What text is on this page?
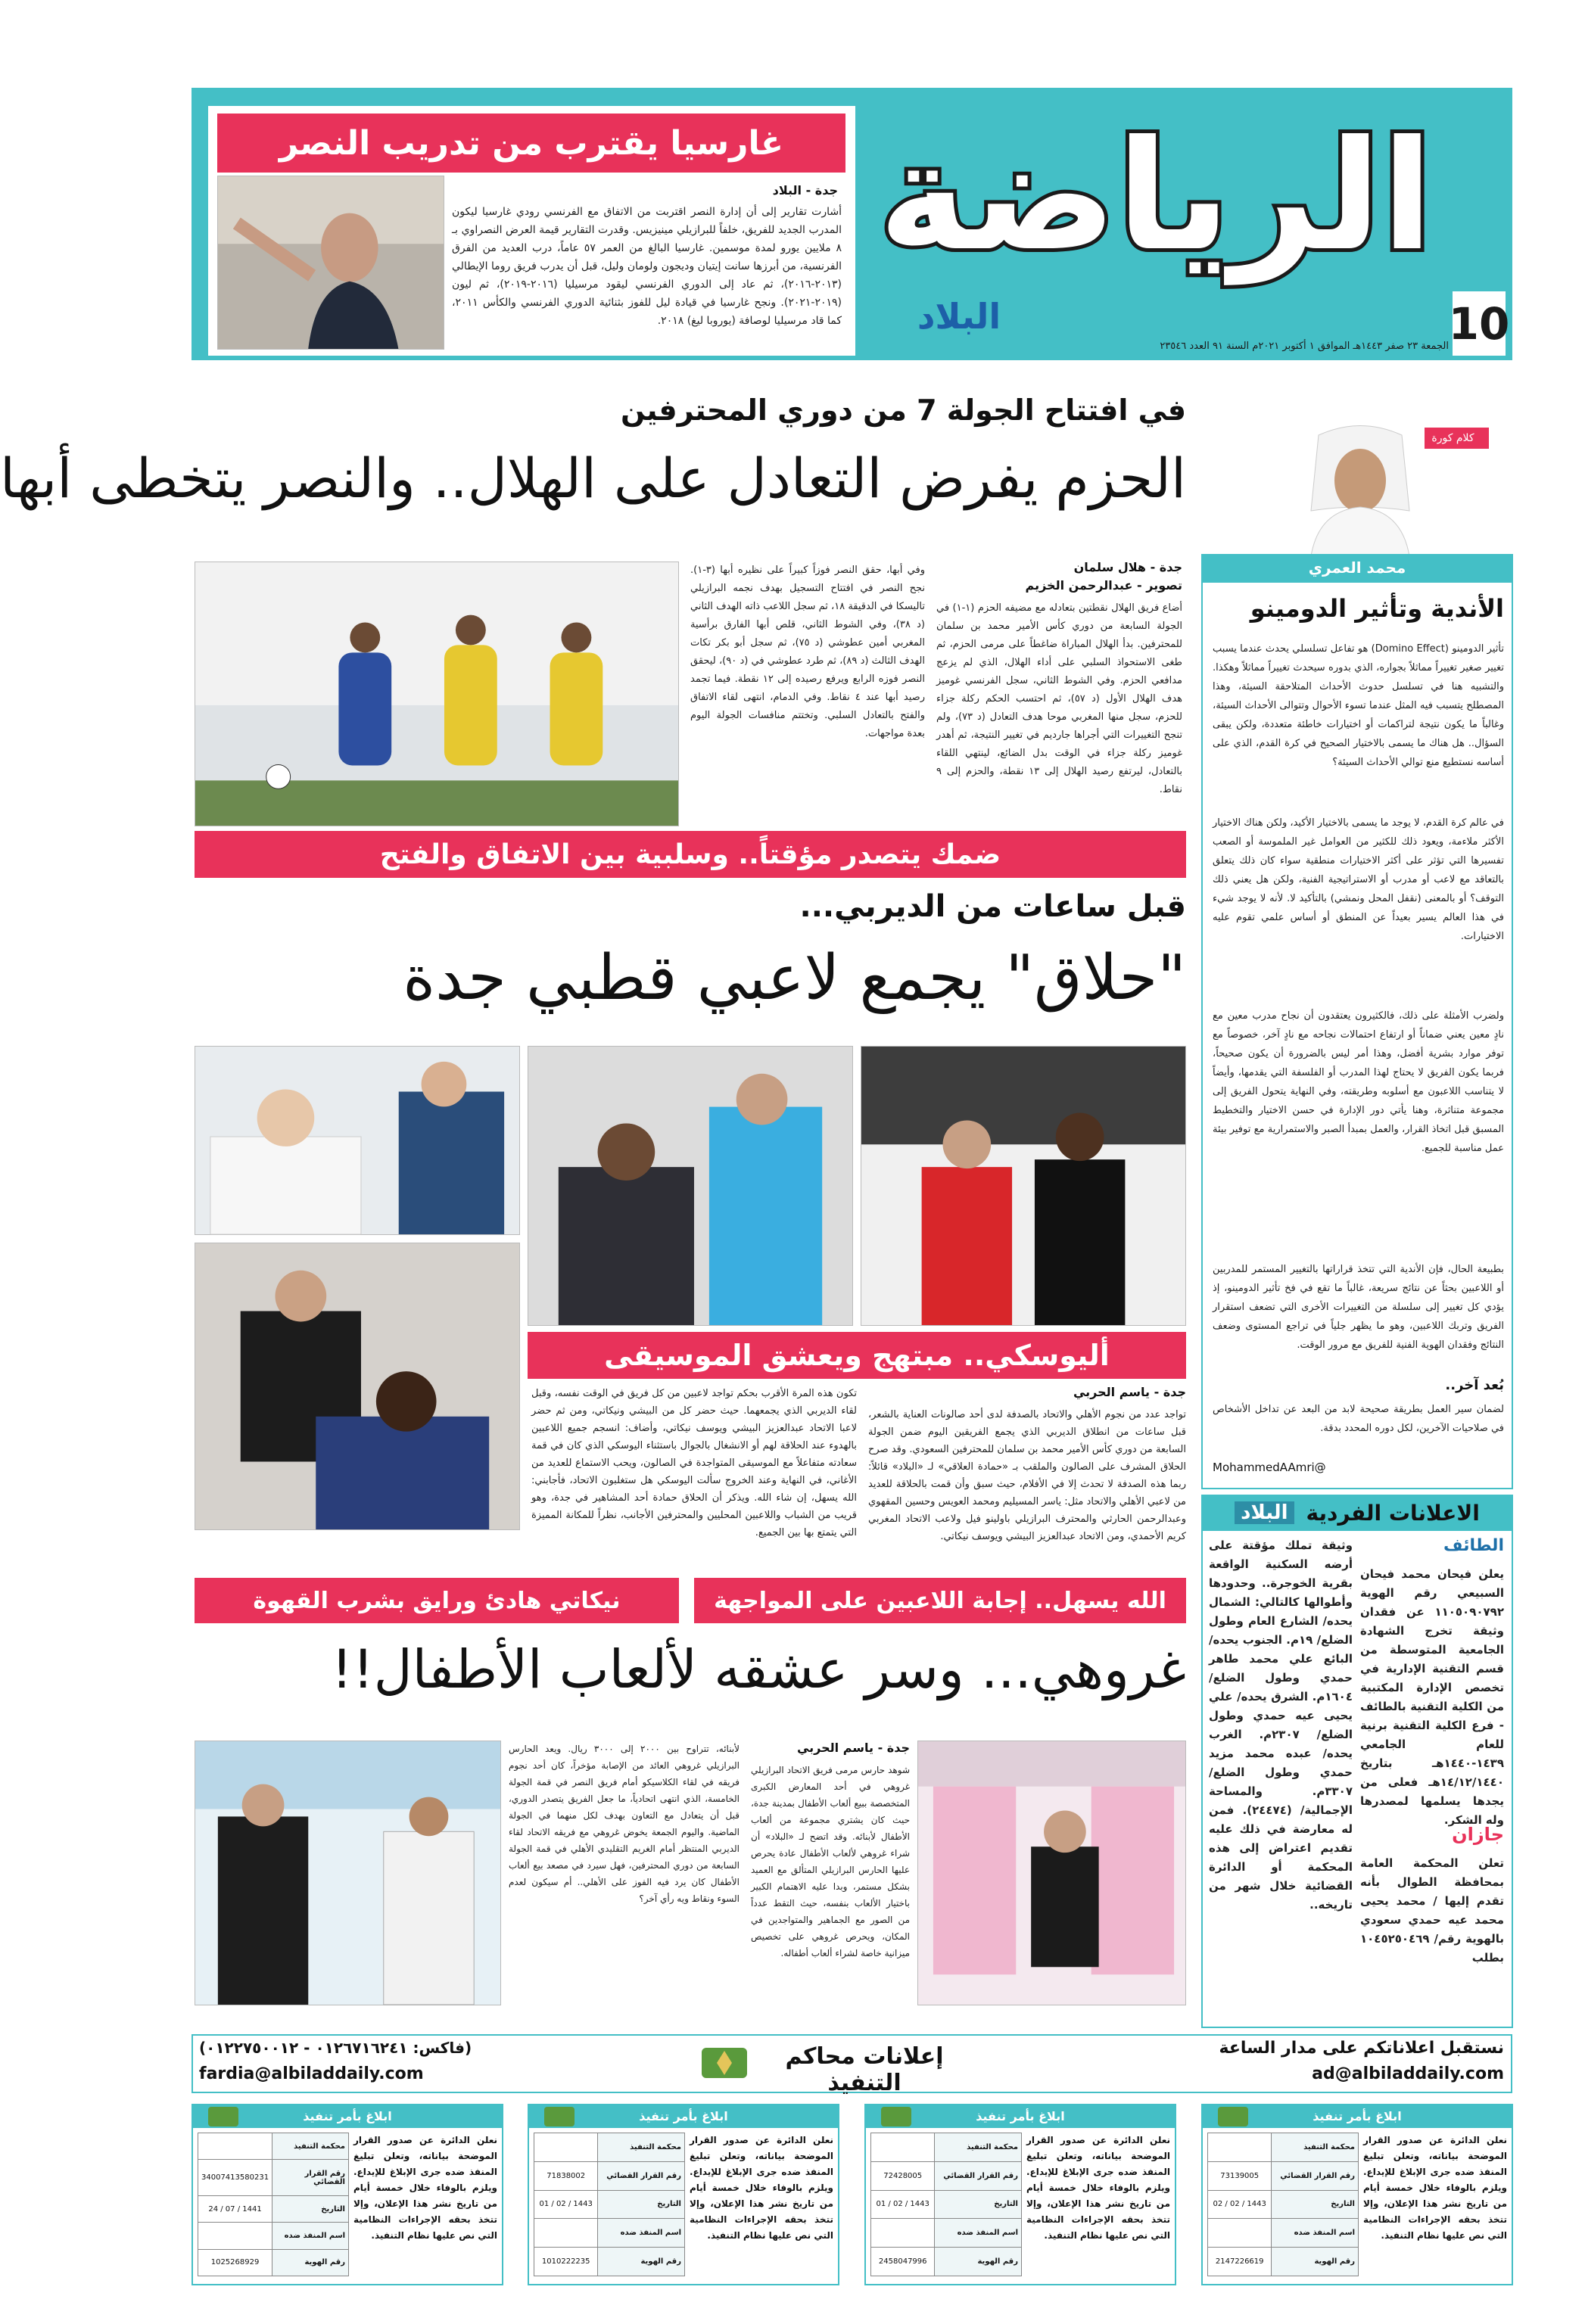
الرياضة
البلاد	10
الجمعة ٢٣ صفر ١٤٤٣هـ الموافق ١ أكتوبر ٢٠٢١م السنة ٩١ العدد ٢٣٥٤٦
غارسيا يقترب من تدريب النصر
جدة - البلاد
أشارت تقارير إلى أن إدارة النصر اقتربت من الاتفاق مع الفرنسي رودي غارسيا ليكون المدرب الجديد للفريق، خلفاً للبرازيلي مينيزيس. وقدرت التقارير قيمة العرض النصراوي بـ ٨ ملايين يورو لمدة موسمين. غارسيا البالغ من العمر ٥٧ عاماً، درب العديد من الفرق الفرنسية، من أبرزها سانت إيتيان وديجون ولومان وليل، قبل أن يدرب فريق روما الإيطالي (٢٠١٣-٢٠١٦)، ثم عاد إلى الدوري الفرنسي ليقود مرسيليا (٢٠١٦-٢٠١٩)، ثم ليون (٢٠١٩-٢٠٢١). ونجح غارسيا في قيادة ليل للفوز بثنائية الدوري الفرنسي والكأس ٢٠١١، كما قاد مرسيليا لوصافة (يوروبا ليغ) ٢٠١٨.
كلام كورة
محمد العمري
الأندية وتأثير الدومينو
تأثير الدومينو (Domino Effect) هو تفاعل تسلسلي يحدث عندما يسبب تغيير صغير تغييراً مماثلاً بجواره، الذي بدوره سيحدث تغييراً مماثلاً وهكذا. والتشبيه هنا في تسلسل حدوث الأحداث المتلاحقة السيئة، وهذا المصطلح يتسبب فيه المثل عندما تسوء الأحوال وتتوالى الأحداث السيئة، وغالباً ما يكون نتيجة لتراكمات أو اختيارات خاطئة متعددة، ولكن يبقى السؤال.. هل هناك ما يسمى بالاختيار الصحيح في كرة القدم، الذي على أساسه نستطيع منع توالي الأحداث السيئة؟
في عالم كرة القدم، لا يوجد ما يسمى بالاختيار الأكيد، ولكن هناك الاختيار الأكثر ملاءمة، ويعود ذلك للكثير من العوامل غير الملموسة أو الصعب تفسيرها التي تؤثر على أكثر الاختيارات منطقية سواء كان ذلك يتعلق بالتعاقد مع لاعب أو مدرب أو الاستراتيجية الفنية، ولكن هل يعني ذلك التوقف؟ أو بالمعنى (نقفل المحل ونمشي) بالتأكيد لا. لأنه لا يوجد شيء في هذا العالم يسير بعيداً عن المنطق أو أساس علمي تقوم عليه الاختيارات.
ولضرب الأمثلة على ذلك، فالكثيرون يعتقدون أن نجاح مدرب معين مع نادٍ معين يعني ضماناً أو ارتفاع احتمالات نجاحه مع نادٍ آخر، خصوصاً مع توفر موارد بشرية أفضل، وهذا أمر ليس بالضرورة أن يكون صحيحاً، فربما يكون الفريق لا يحتاج لهذا المدرب أو الفلسفة التي يقدمها، وأيضاً لا يتناسب اللاعبون مع أسلوبه وطريقته، وفي النهاية يتحول الفريق إلى مجموعة متناثرة، وهنا يأتي دور الإدارة في حسن الاختيار والتخطيط المسبق قبل اتخاذ القرار، والعمل بمبدأ الصبر والاستمرارية مع توفير بيئة عمل مناسبة للجميع.
بطبيعة الحال، فإن الأندية التي تتخذ قراراتها بالتغيير المستمر للمدربين أو اللاعبين بحثاً عن نتائج سريعة، غالباً ما تقع في فخ تأثير الدومينو، إذ يؤدي كل تغيير إلى سلسلة من التغييرات الأخرى التي تضعف استقرار الفريق وتربك اللاعبين، وهو ما يظهر جلياً في تراجع المستوى وضعف النتائج وفقدان الهوية الفنية للفريق مع مرور الوقت.
بُعد آخر..
لضمان سير العمل بطريقة صحيحة لابد من البعد عن تداخل الأشخاص في صلاحيات الآخرين، لكل دوره المحدد بدقة.
MohammedAAmri@
في افتتاح الجولة 7 من دوري المحترفين
الحزم يفرض التعادل على الهلال.. والنصر يتخطى أبها
جدة - هلال سلمان
تصوير - عبدالرحمن الخزيم
أضاع فريق الهلال نقطتين بتعادله مع مضيفه الحزم (١-١) في الجولة السابعة من دوري كأس الأمير محمد بن سلمان للمحترفين. بدأ الهلال المباراة ضاغطاً على مرمى الحزم، ثم طغى الاستحواذ السلبي على أداء الهلال، الذي لم يزعج مدافعي الحزم. وفي الشوط الثاني، سجل الفرنسي غوميز هدف الهلال الأول (د ٥٧)، ثم احتسب الحكم ركلة جزاء للحزم، سجل منها المغربي موحا هدف التعادل (د ٧٣)، ولم تنجح التغييرات التي أجراها جارديم في تغيير النتيجة، ثم أهدر غوميز ركلة جزاء في الوقت بدل الضائع، لينتهي اللقاء بالتعادل، ليرتفع رصيد الهلال إلى ١٣ نقطة، والحزم إلى ٩ نقاط.
وفي أبها، حقق النصر فوزاً كبيراً على نظيره أبها (٣-١). نجح النصر في افتتاح التسجيل بهدف نجمه البرازيلي تاليسكا في الدقيقة ١٨، ثم سجل اللاعب ذاته الهدف الثاني (د ٣٨)، وفي الشوط الثاني، قلص أبها الفارق برأسية المغربي أمين عطوشي (د ٧٥)، ثم سجل أبو بكر تكات الهدف الثالث (د ٨٩)، ثم طرد عطوشي في (د ٩٠)، ليحقق النصر فوزه الرابع ويرفع رصيده إلى ١٢ نقطة. فيما تجمد رصيد أبها عند ٤ نقاط. وفي الدمام، انتهى لقاء الاتفاق والفتح بالتعادل السلبي. وتختتم منافسات الجولة اليوم بعدة مواجهات.
ضمك يتصدر مؤقتاً.. وسلبية بين الاتفاق والفتح
قبل ساعات من الديربي...
"حلاق" يجمع لاعبي قطبي جدة
أليوسكي.. مبتهج ويعشق الموسيقى
جدة - ياسم الحربي
تواجد عدد من نجوم الأهلي والاتحاد بالصدفة لدى أحد صالونات العناية بالشعر، قبل ساعات من انطلاق الديربي الذي يجمع الفريقين اليوم ضمن الجولة السابعة من دوري كأس الأمير محمد بن سلمان للمحترفين السعودي. وقد صرح الحلاق المشرف على الصالون والملقب بـ «حمادة العلاقي» لـ «البلاد» قائلاً: ربما هذه الصدفة لا تحدث إلا في الأفلام، حيث سبق وأن قمت بالحلاقة للعديد من لاعبي الأهلي والاتحاد مثل: ياسر المسيليم ومحمد العويس وحسين المقهوي وعبدالرحمن الحارثي والمحترف البرازيلي باولينو فيل ولاعب الاتحاد المغربي كريم الأحمدي، ومن الاتحاد عبدالعزيز البيشي ويوسف نيكاتي.
تكون هذه المرة الأقرب بحكم تواجد لاعبين من كل فريق في الوقت نفسه، وقبل لقاء الديربي الذي يجمعهما. حيث حضر كل من البيشي ونيكاتي، ومن ثم حضر لاعبا الاتحاد عبدالعزيز البيشي ويوسف نيكاتي، وأضاف: انسجم جميع اللاعبين بالهدوء عند الحلاقة لهم أو الانشغال بالجوال باستثناء اليوسكي الذي كان في قمة سعادته متفاعلاً مع الموسيقى المتواجدة في الصالون، ويحب الاستماع للعديد من الأغاني، في النهاية وعند الخروج سألت اليوسكي هل ستغلبون الاتحاد، فأجابني: الله يسهل، إن شاء الله. ويذكر أن الحلاق حمادة أحد المشاهير في جدة، وهو قريب من الشباب واللاعبين المحليين والمحترفين الأجانب، نظراً للمكانة المميزة التي يتمتع بها بين الجميع.
الله يسهل.. إجابة اللاعبين على المواجهة
نيكاتي هادئ ورايق بشرب القهوة
غروهي... وسر عشقه لألعاب الأطفال!!
جدة - ياسم الحربي
شوهد حارس مرمى فريق الاتحاد البرازيلي غروهي في أحد المعارض الكبرى المتخصصة ببيع ألعاب الأطفال بمدينة جدة، حيث كان يشتري مجموعة من ألعاب الأطفال لأبنائه. وقد اتضح لـ «البلاد» أن شراء غروهي لألعاب الأطفال عادة يحرص عليها الحارس البرازيلي المتألق مع العميد بشكل مستمر، وبدا عليه الاهتمام الكبير باختيار الألعاب بنفسه، حيث التقط عدداً من الصور مع الجماهير والمتواجدين في المكان، ويحرص غروهي على تخصيص ميزانية خاصة لشراء ألعاب أطفاله.
لأبنائه، تتراوح بين ٢٠٠٠ إلى ٣٠٠٠ ريال. ويعد الحارس البرازيلي غروهي العائد من الإصابة مؤخراً، كان أحد نجوم فريقه في لقاء الكلاسيكو أمام فريق النصر في قمة الجولة الخامسة، الذي انتهى اتحادياً، ما جعل الفريق يتصدر الدوري، قبل أن يتعادل مع التعاون بهدف لكل منهما في الجولة الماضية. واليوم الجمعة يخوض غروهي مع فريقه الاتحاد لقاء الديربي المنتظر أمام الغريم التقليدي الأهلي في قمة الجولة السابعة من دوري المحترفين، فهل سيرد في مصعد بيع ألعاب الأطفال كان يرد فيه الفوز على الأهلي.. أم سيكون لعدم السوء ونقاط ويه رأي آخر؟
الاعلانات الفردية
البلاد
الطائف
يعلن فيحان محمد فيحان السبيعي رقم الهوية ١١٠٥٠٩٠٧٩٢ عن فقدان وثيقة تخرج الشهادة الجامعية المتوسطة من قسم التقنية الإدارية في تخصص الإدارة المكتبية من الكلية التقنية بالطائف - فرع الكلية التقنية برنية للعام الجامعي ١٤٣٩-١٤٤٠هـ بتاريخ ١٤/١٢/١٤٤٠هـ فعلى من يجدها يسلمها لمصدرها وله الشكر.
جازان
تعلن المحكمة العامة بمحافظة الطوال بأنه تقدم إليها / محمد يحيى محمد عيه حمدي سعودي بالهوية رقم/ ١٠٤٥٢٥٠٤٦٩ بطلب
وثيقة تملك مؤقتة على أرضه السكنية الواقعة بقرية الخوجرة.. وحدودها وأطوالها كالتالي: الشمال يحده/ الشارع العام وطول الضلع/ ١٩م. الجنوب يحده/ البائع علي محمد طاهر حمدي وطول الضلع/ ١٦٠٤م. الشرق يحده/ علي يحيى عيه حمدي وطول الضلع/ ٢٣٠٧م. الغرب يحده/ عبده محمد مزيد حمدي وطول الضلع/ ٣٣٠٧م. والمساحة الإجمالية/ (٢٤٤٧٤). فمن له معارضة في ذلك عليه تقديم اعتراض إلى هذه المحكمة أو الدائرة القضائية خلال شهر من تاريخه..
نستقبل اعلاناتكم على مدار الساعة
ad@albiladdaily.com
إعلانات محاكم التنفيذ
(فاكس: ٠١٢٦٧١٦٢٤١ - ٠١٢٢٧٥٠٠١٢)
fardia@albiladdaily.com
ابلاغ بأمر تنفيذ
نعلن الدائرة عن صدور القرار الموضحة بياناته، وتعلن تبليغ المنفذ ضده جرى الإبلاغ للإيداع. ويلزم بالوفاء خلال خمسة أيام من تاريخ نشر هذا الإعلان، وإلا تتخذ بحقه الإجراءات النظامية التي نص عليها نظام التنفيذ.
محكمة التنفيذ	
رقم القرار القضائي	73139005
التاريخ	02 / 02 / 1443
اسم المنفذ ضده	
رقم الهوية	2147226619
ابلاغ بأمر تنفيذ
نعلن الدائرة عن صدور القرار الموضحة بياناته، وتعلن تبليغ المنفذ ضده جرى الإبلاغ للإيداع. ويلزم بالوفاء خلال خمسة أيام من تاريخ نشر هذا الإعلان، وإلا تتخذ بحقه الإجراءات النظامية التي نص عليها نظام التنفيذ.
محكمة التنفيذ	
رقم القرار القضائي	72428005
التاريخ	01 / 02 / 1443
اسم المنفذ ضده	
رقم الهوية	2458047996
ابلاغ بأمر تنفيذ
نعلن الدائرة عن صدور القرار الموضحة بياناته، وتعلن تبليغ المنفذ ضده جرى الإبلاغ للإيداع. ويلزم بالوفاء خلال خمسة أيام من تاريخ نشر هذا الإعلان، وإلا تتخذ بحقه الإجراءات النظامية التي نص عليها نظام التنفيذ.
محكمة التنفيذ	
رقم القرار القضائي	71838002
التاريخ	01 / 02 / 1443
اسم المنفذ ضده	
رقم الهوية	1010222235
ابلاغ بأمر تنفيذ
نعلن الدائرة عن صدور القرار الموضحة بياناته، وتعلن تبليغ المنفذ ضده جرى الإبلاغ للإيداع. ويلزم بالوفاء خلال خمسة أيام من تاريخ نشر هذا الإعلان، وإلا تتخذ بحقه الإجراءات النظامية التي نص عليها نظام التنفيذ.
محكمة التنفيذ	
رقم القرار القضائي	34007413580231
التاريخ	24 / 07 / 1441
اسم المنفذ ضده	
رقم الهوية	1025268929
